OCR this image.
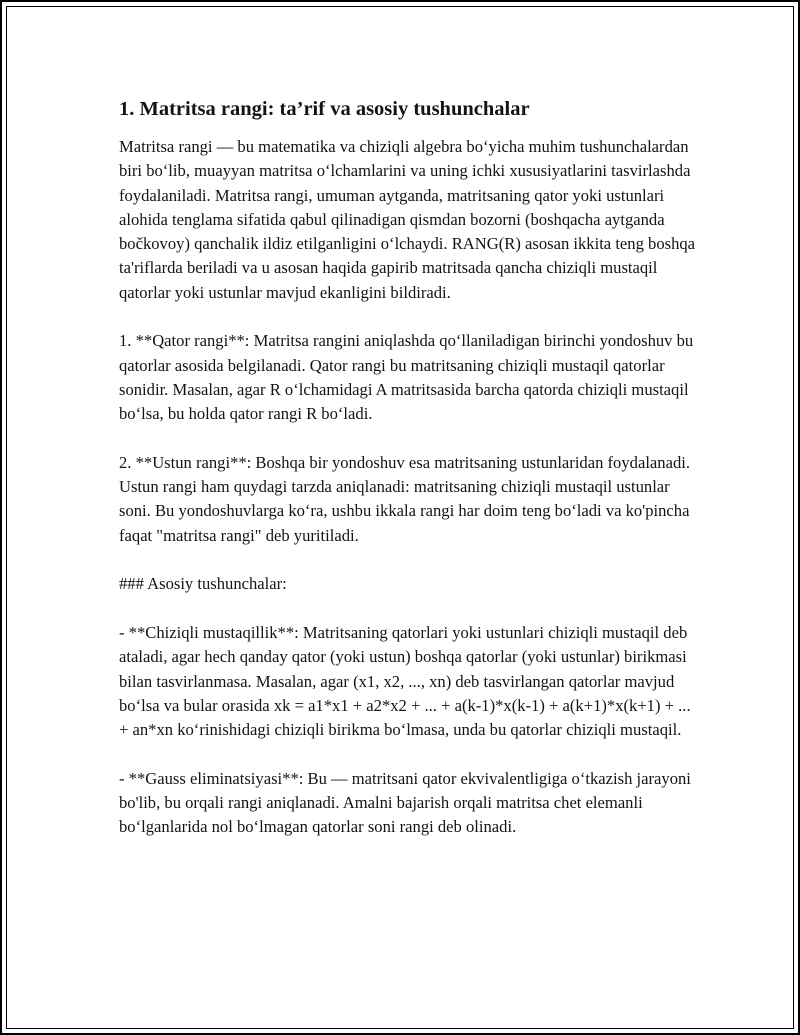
1. Matritsa rangi: ta’rif va asosiy tushunchalar

Matritsa rangi — bu matematika va chiziqli algebra bo‘yicha muhim tushunchalardan biri bo‘lib, muayyan matritsa o‘lchamlarini va uning ichki xususiyatlarini tasvirlashda foydalaniladi. Matritsa rangi, umuman aytganda, matritsaning qator yoki ustunlari alohida tenglama sifatida qabul qilinadigan qismdan bozorni (boshqacha aytganda bočkovoy) qanchalik ildiz etilganligini o‘lchaydi. RANG(R) asosan ikkita teng boshqa ta'riflarda beriladi va u asosan haqida gapirib matritsada qancha chiziqli mustaqil qatorlar yoki ustunlar mavjud ekanligini bildiradi.

1. **Qator rangi**: Matritsa rangini aniqlashda qo‘llaniladigan birinchi yondoshuv bu qatorlar asosida belgilanadi. Qator rangi bu matritsaning chiziqli mustaqil qatorlar sonidir. Masalan, agar R o‘lchamidagi A matritsasida barcha qatorda chiziqli mustaqil bo‘lsa, bu holda qator rangi R bo‘ladi.

2. **Ustun rangi**: Boshqa bir yondoshuv esa matritsaning ustunlaridan foydalanadi. Ustun rangi ham quydagi tarzda aniqlanadi: matritsaning chiziqli mustaqil ustunlar soni. Bu yondoshuvlarga ko‘ra, ushbu ikkala rangi har doim teng bo‘ladi va ko'pincha faqat "matritsa rangi" deb yuritiladi.

### Asosiy tushunchalar:

- **Chiziqli mustaqillik**: Matritsaning qatorlari yoki ustunlari chiziqli mustaqil deb ataladi, agar hech qanday qator (yoki ustun) boshqa qatorlar (yoki ustunlar) birikmasi bilan tasvirlanmasa. Masalan, agar (x1, x2, ..., xn) deb tasvirlangan qatorlar mavjud bo‘lsa va bular orasida xk = a1*x1 + a2*x2 + ... + a(k-1)*x(k-1) + a(k+1)*x(k+1) + ... + an*xn ko‘rinishidagi chiziqli birikma bo‘lmasa, unda bu qatorlar chiziqli mustaqil.

- **Gauss eliminatsiyasi**: Bu — matritsani qator ekvivalentligiga o‘tkazish jarayoni bo'lib, bu orqali rangi aniqlanadi. Amalni bajarish orqali matritsa chet elemanli bo‘lganlarida nol bo‘lmagan qatorlar soni rangi deb olinadi.
